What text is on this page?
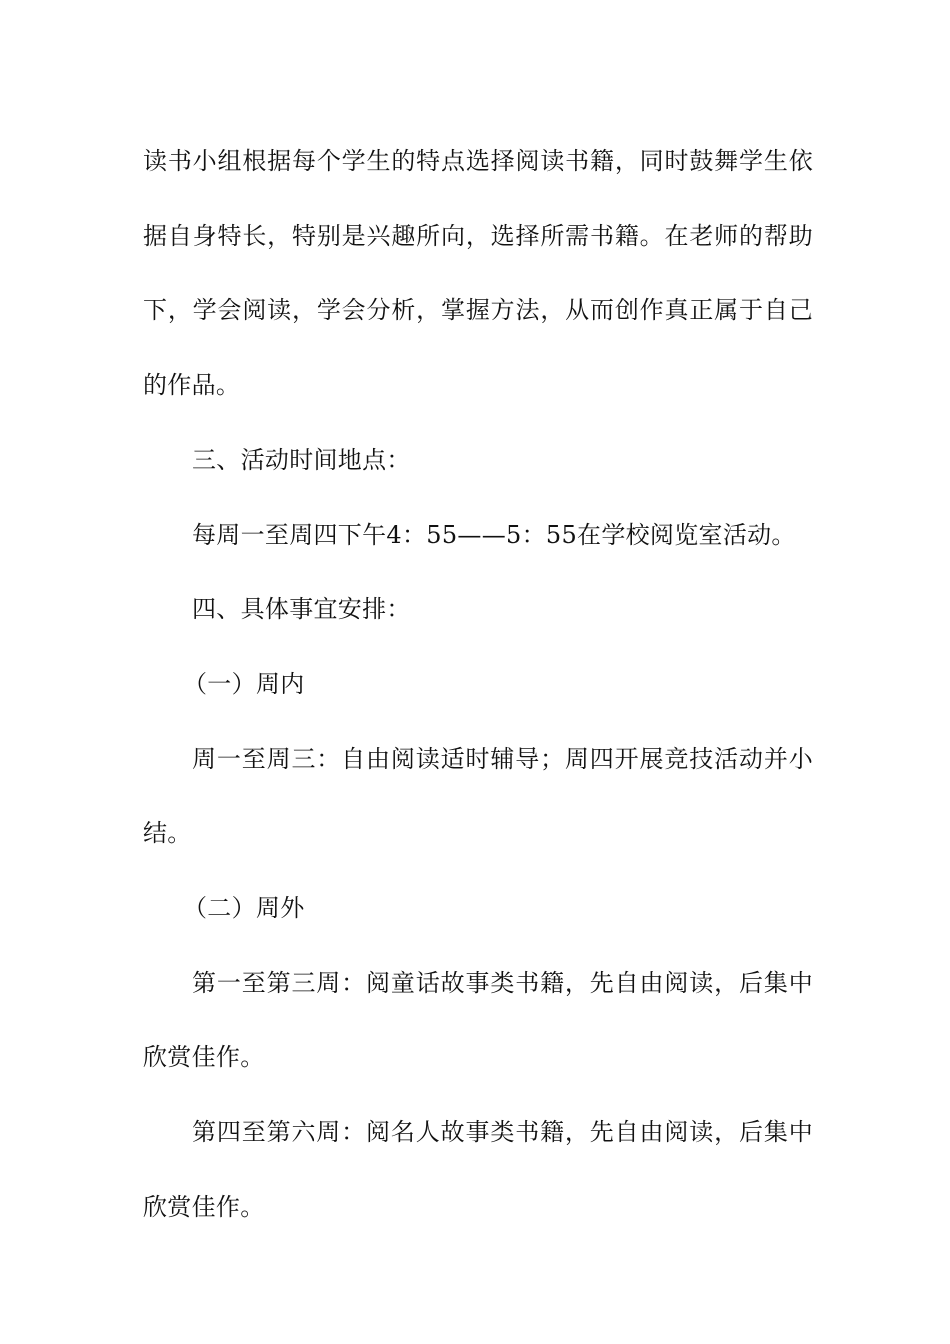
读书小组根据每个学生的特点选择阅读书籍，同时鼓舞学生依据自身特长，特别是兴趣所向，选择所需书籍。在老师的帮助下，学会阅读，学会分析，掌握方法，从而创作真正属于自己的作品。

三、活动时间地点：

每周一至周四下午4：55——5：55在学校阅览室活动。

四、具体事宜安排：

（一）周内

周一至周三：自由阅读适时辅导；周四开展竞技活动并小结。

（二）周外

第一至第三周：阅童话故事类书籍，先自由阅读，后集中欣赏佳作。

第四至第六周：阅名人故事类书籍，先自由阅读，后集中欣赏佳作。
